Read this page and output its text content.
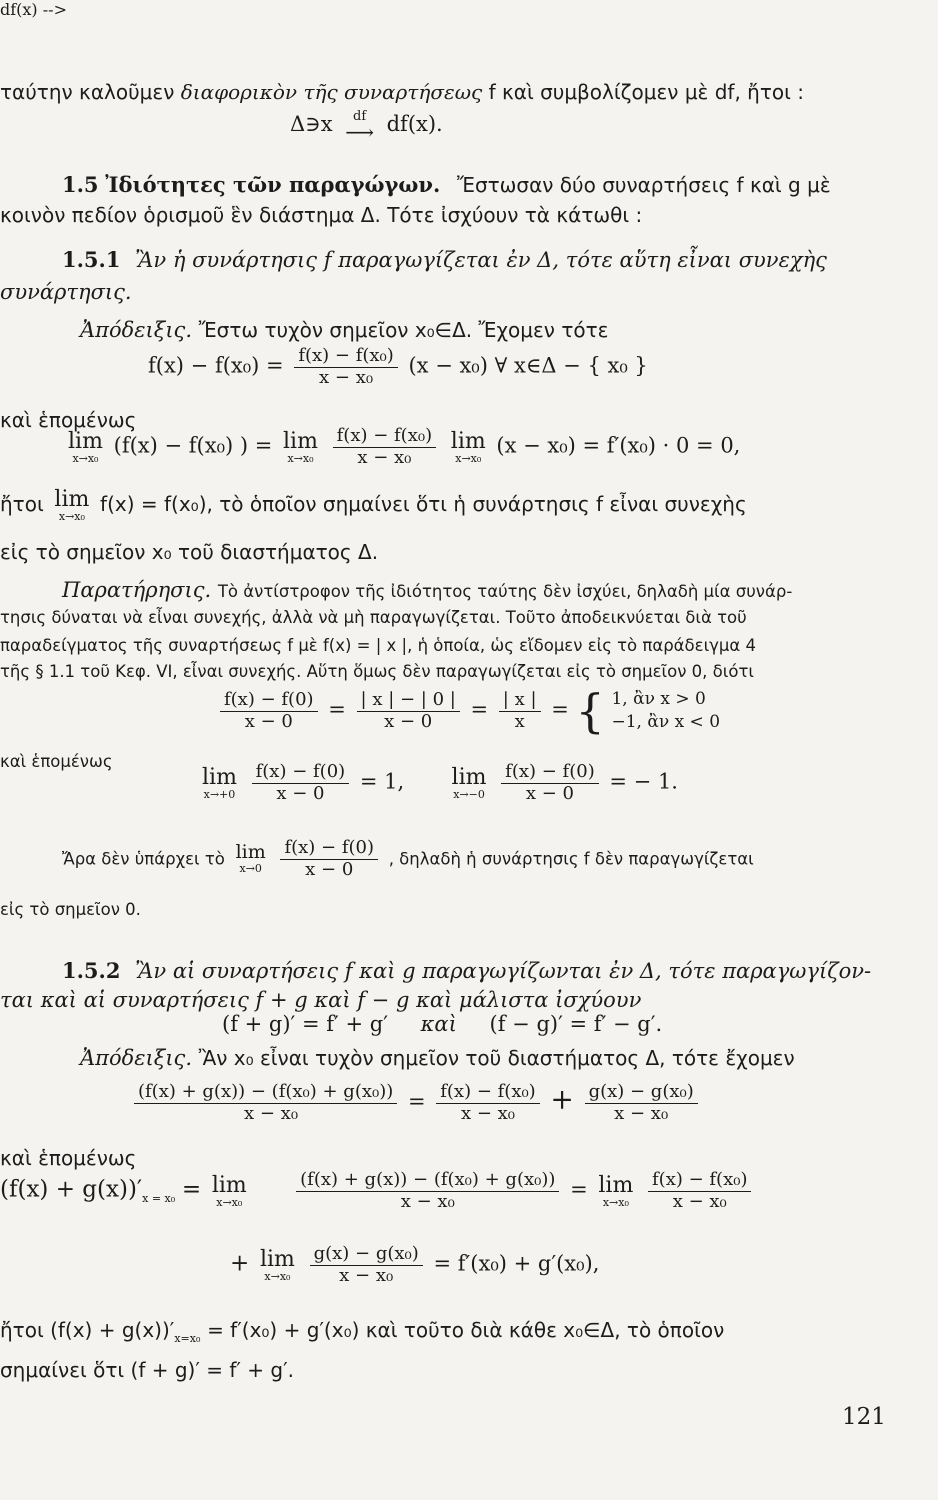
ταύτην καλοῦμεν διαφορικὸν τῆς συναρτήσεως f καὶ συμβολίζομεν μὲ df, ἤτοι :
df(x) -->
Δ∋x	df
⟶ df(x).
1.5 Ἰδιότητες τῶν παραγώγων. Ἔστωσαν δύο συναρτήσεις f καὶ g μὲ
κοινὸν πεδίον ὁρισμοῦ ἓν διάστημα Δ. Τότε ἰσχύουν τὰ κάτωθι :
1.5.1 Ἂν ἡ συνάρτησις f παραγωγίζεται ἐν Δ, τότε αὕτη εἶναι συνεχὴς
συνάρτησις.
Ἀπόδειξις. Ἔστω τυχὸν σημεῖον x₀∈Δ. Ἔχομεν τότε
$f(x) - f(x_0) = \frac{\text{f(x) − f(x₀)}}{\text{x − x₀}} (x - x_0)$ ∀ x∈Δ − { x₀ }
καὶ ἑπομένως
lim
x→x₀
(f(x) − f(x₀) ) = lim
x→x₀
$\frac{\text{f(x) − f(x₀)}}{\text{x − x₀}}$
lim
x→x₀
(x − x₀) = f′(x₀) · 0 = 0,
ἤτοι lim
x→x₀
f(x) = f(x₀), τὸ ὁποῖον σημαίνει ὅτι ἡ συνάρτησις f εἶναι συνεχὴς
εἰς τὸ σημεῖον x₀ τοῦ διαστήματος Δ.
Παρατήρησις. Τὸ ἀντίστροφον τῆς ἰδιότητος ταύτης δὲν ἰσχύει, δηλαδὴ μία συνάρ-
τησις δύναται νὰ εἶναι συνεχής, ἀλλὰ νὰ μὴ παραγωγίζεται. Τοῦτο ἀποδεικνύεται διὰ τοῦ
παραδείγματος τῆς συναρτήσεως f μὲ f(x) = | x |, ἡ ὁποία, ὡς εἴδομεν εἰς τὸ παράδειγμα 4
τῆς § 1.1 τοῦ Κεφ. VI, εἶναι συνεχής. Αὕτη ὅμως δὲν παραγωγίζεται εἰς τὸ σημεῖον 0, διότι
$\frac{f(x) - f(0)}{x - 0} = \frac{| x | - | 0 |}{x - 0} = \frac{| x |}{x}$ = { 1, ἂν x > 0
−1, ἂν x < 0
καὶ ἑπομένως
lim
x→+0
$\frac{f(x) - f(0)}{x - 0} = 1$, lim
x→−0
$\frac{f(x) - f(0)}{x - 0}$ = − 1.
Ἄρα δὲν ὑπάρχει τὸ lim
x→0
$\frac{f(x) - f(0)}{x - 0}$ , δηλαδὴ ἡ συνάρτησις f δὲν παραγωγίζεται
εἰς τὸ σημεῖον 0.
1.5.2 Ἂν αἱ συναρτήσεις f καὶ g παραγωγίζωνται ἐν Δ, τότε παραγωγίζον-
ται καὶ αἱ συναρτήσεις f + g καὶ f − g καὶ μάλιστα ἰσχύουν
(f + g)′ = f′ + g′ καὶ (f − g)′ = f′ − g′.
Ἀπόδειξις. Ἂν x₀ εἶναι τυχὸν σημεῖον τοῦ διαστήματος Δ, τότε ἔχομεν
$\frac{\text{(f(x) + g(x)) − (f(x₀) + g(x₀))}}{\text{x − x₀}} = \frac{\text{f(x) − f(x₀)}}{\text{x − x₀}} + \frac{\text{g(x) − g(x₀)}}{\text{x − x₀}}$
καὶ ἑπομένως
$(f(x) + g(x))'_{x = x_0} = \lim$
x→x₀
	$\frac{\text{(f(x) + g(x)) − (f(x₀) + g(x₀))}}{\text{x − x₀}} = \lim$
x→x₀
$\frac{\text{f(x) − f(x₀)}}{\text{x − x₀}}$
+ lim
x→x₀
$\frac{\text{g(x) − g(x₀)}}{\text{x − x₀}} = f'(x_0) + g'(x_0)$,
ἤτοι $(f(x) + g(x))'_{x=x_0} = f'(x_0) + g'(x_0)$ καὶ τοῦτο διὰ κάθε x₀∈Δ, τὸ ὁποῖον
σημαίνει ὅτι (f + g)′ = f′ + g′.
121
